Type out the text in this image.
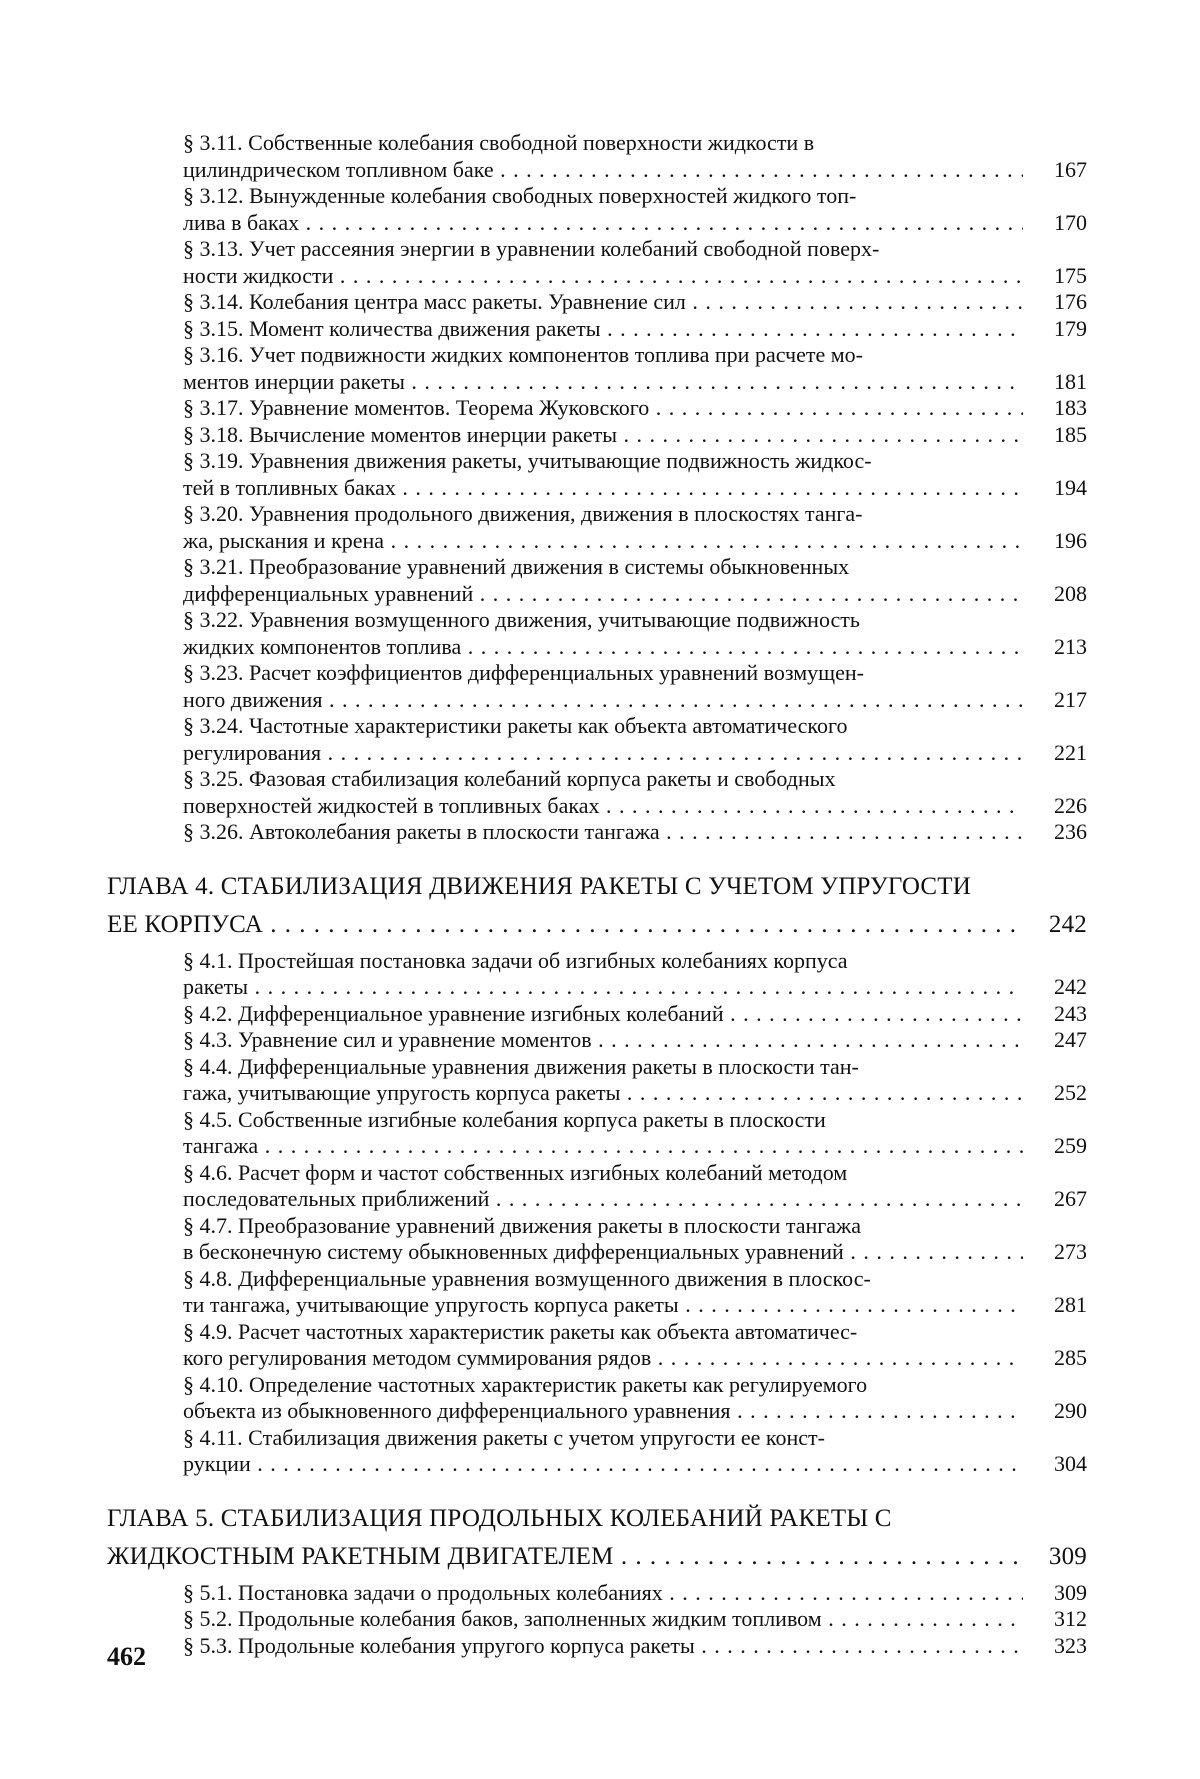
§ 3.11. Собственные колебания свободной поверхности жидкости в
цилиндрическом топливном баке . . .	167
§ 3.12. Вынужденные колебания свободных поверхностей жидкого топ-
лива в баках . . .	170
§ 3.13. Учет рассеяния энергии в уравнении колебаний свободной поверх-
ности жидкости . . .	175
§ 3.14. Колебания центра масс ракеты. Уравнение сил . . .	176
§ 3.15. Момент количества движения ракеты . . .	179
§ 3.16. Учет подвижности жидких компонентов топлива при расчете мо-
ментов инерции ракеты . . .	181
§ 3.17. Уравнение моментов. Теорема Жуковского . . .	183
§ 3.18. Вычисление моментов инерции ракеты . . .	185
§ 3.19. Уравнения движения ракеты, учитывающие подвижность жидкос-
тей в топливных баках . . .	194
§ 3.20. Уравнения продольного движения, движения в плоскостях танга-
жа, рыскания и крена . . .	196
§ 3.21. Преобразование уравнений движения в системы обыкновенных
дифференциальных уравнений . . .	208
§ 3.22. Уравнения возмущенного движения, учитывающие подвижность
жидких компонентов топлива . . .	213
§ 3.23. Расчет коэффициентов дифференциальных уравнений возмущен-
ного движения . . .	217
§ 3.24. Частотные характеристики ракеты как объекта автоматического
регулирования . . .	221
§ 3.25. Фазовая стабилизация колебаний корпуса ракеты и свободных
поверхностей жидкостей в топливных баках . . .	226
§ 3.26. Автоколебания ракеты в плоскости тангажа . . .	236
ГЛАВА 4. СТАБИЛИЗАЦИЯ ДВИЖЕНИЯ РАКЕТЫ С УЧЕТОМ УПРУГОСТИ
ЕЕ КОРПУСА . . .	242
§ 4.1. Простейшая постановка задачи об изгибных колебаниях корпуса
ракеты . . .	242
§ 4.2. Дифференциальное уравнение изгибных колебаний . . .	243
§ 4.3. Уравнение сил и уравнение моментов . . .	247
§ 4.4. Дифференциальные уравнения движения ракеты в плоскости тан-
гажа, учитывающие упругость корпуса ракеты . . .	252
§ 4.5. Собственные изгибные колебания корпуса ракеты в плоскости
тангажа . . .	259
§ 4.6. Расчет форм и частот собственных изгибных колебаний методом
последовательных приближений . . .	267
§ 4.7. Преобразование уравнений движения ракеты в плоскости тангажа
в бесконечную систему обыкновенных дифференциальных уравнений . . .	273
§ 4.8. Дифференциальные уравнения возмущенного движения в плоскос-
ти тангажа, учитывающие упругость корпуса ракеты . . .	281
§ 4.9. Расчет частотных характеристик ракеты как объекта автоматичес-
кого регулирования методом суммирования рядов . . .	285
§ 4.10. Определение частотных характеристик ракеты как регулируемого
объекта из обыкновенного дифференциального уравнения . . .	290
§ 4.11. Стабилизация движения ракеты с учетом упругости ее конст-
рукции . . .	304
ГЛАВА 5. СТАБИЛИЗАЦИЯ ПРОДОЛЬНЫХ КОЛЕБАНИЙ РАКЕТЫ С
ЖИДКОСТНЫМ РАКЕТНЫМ ДВИГАТЕЛЕМ . . .	309
§ 5.1. Постановка задачи о продольных колебаниях . . .	309
§ 5.2. Продольные колебания баков, заполненных жидким топливом . . .	312
§ 5.3. Продольные колебания упругого корпуса ракеты . . .	323
462
